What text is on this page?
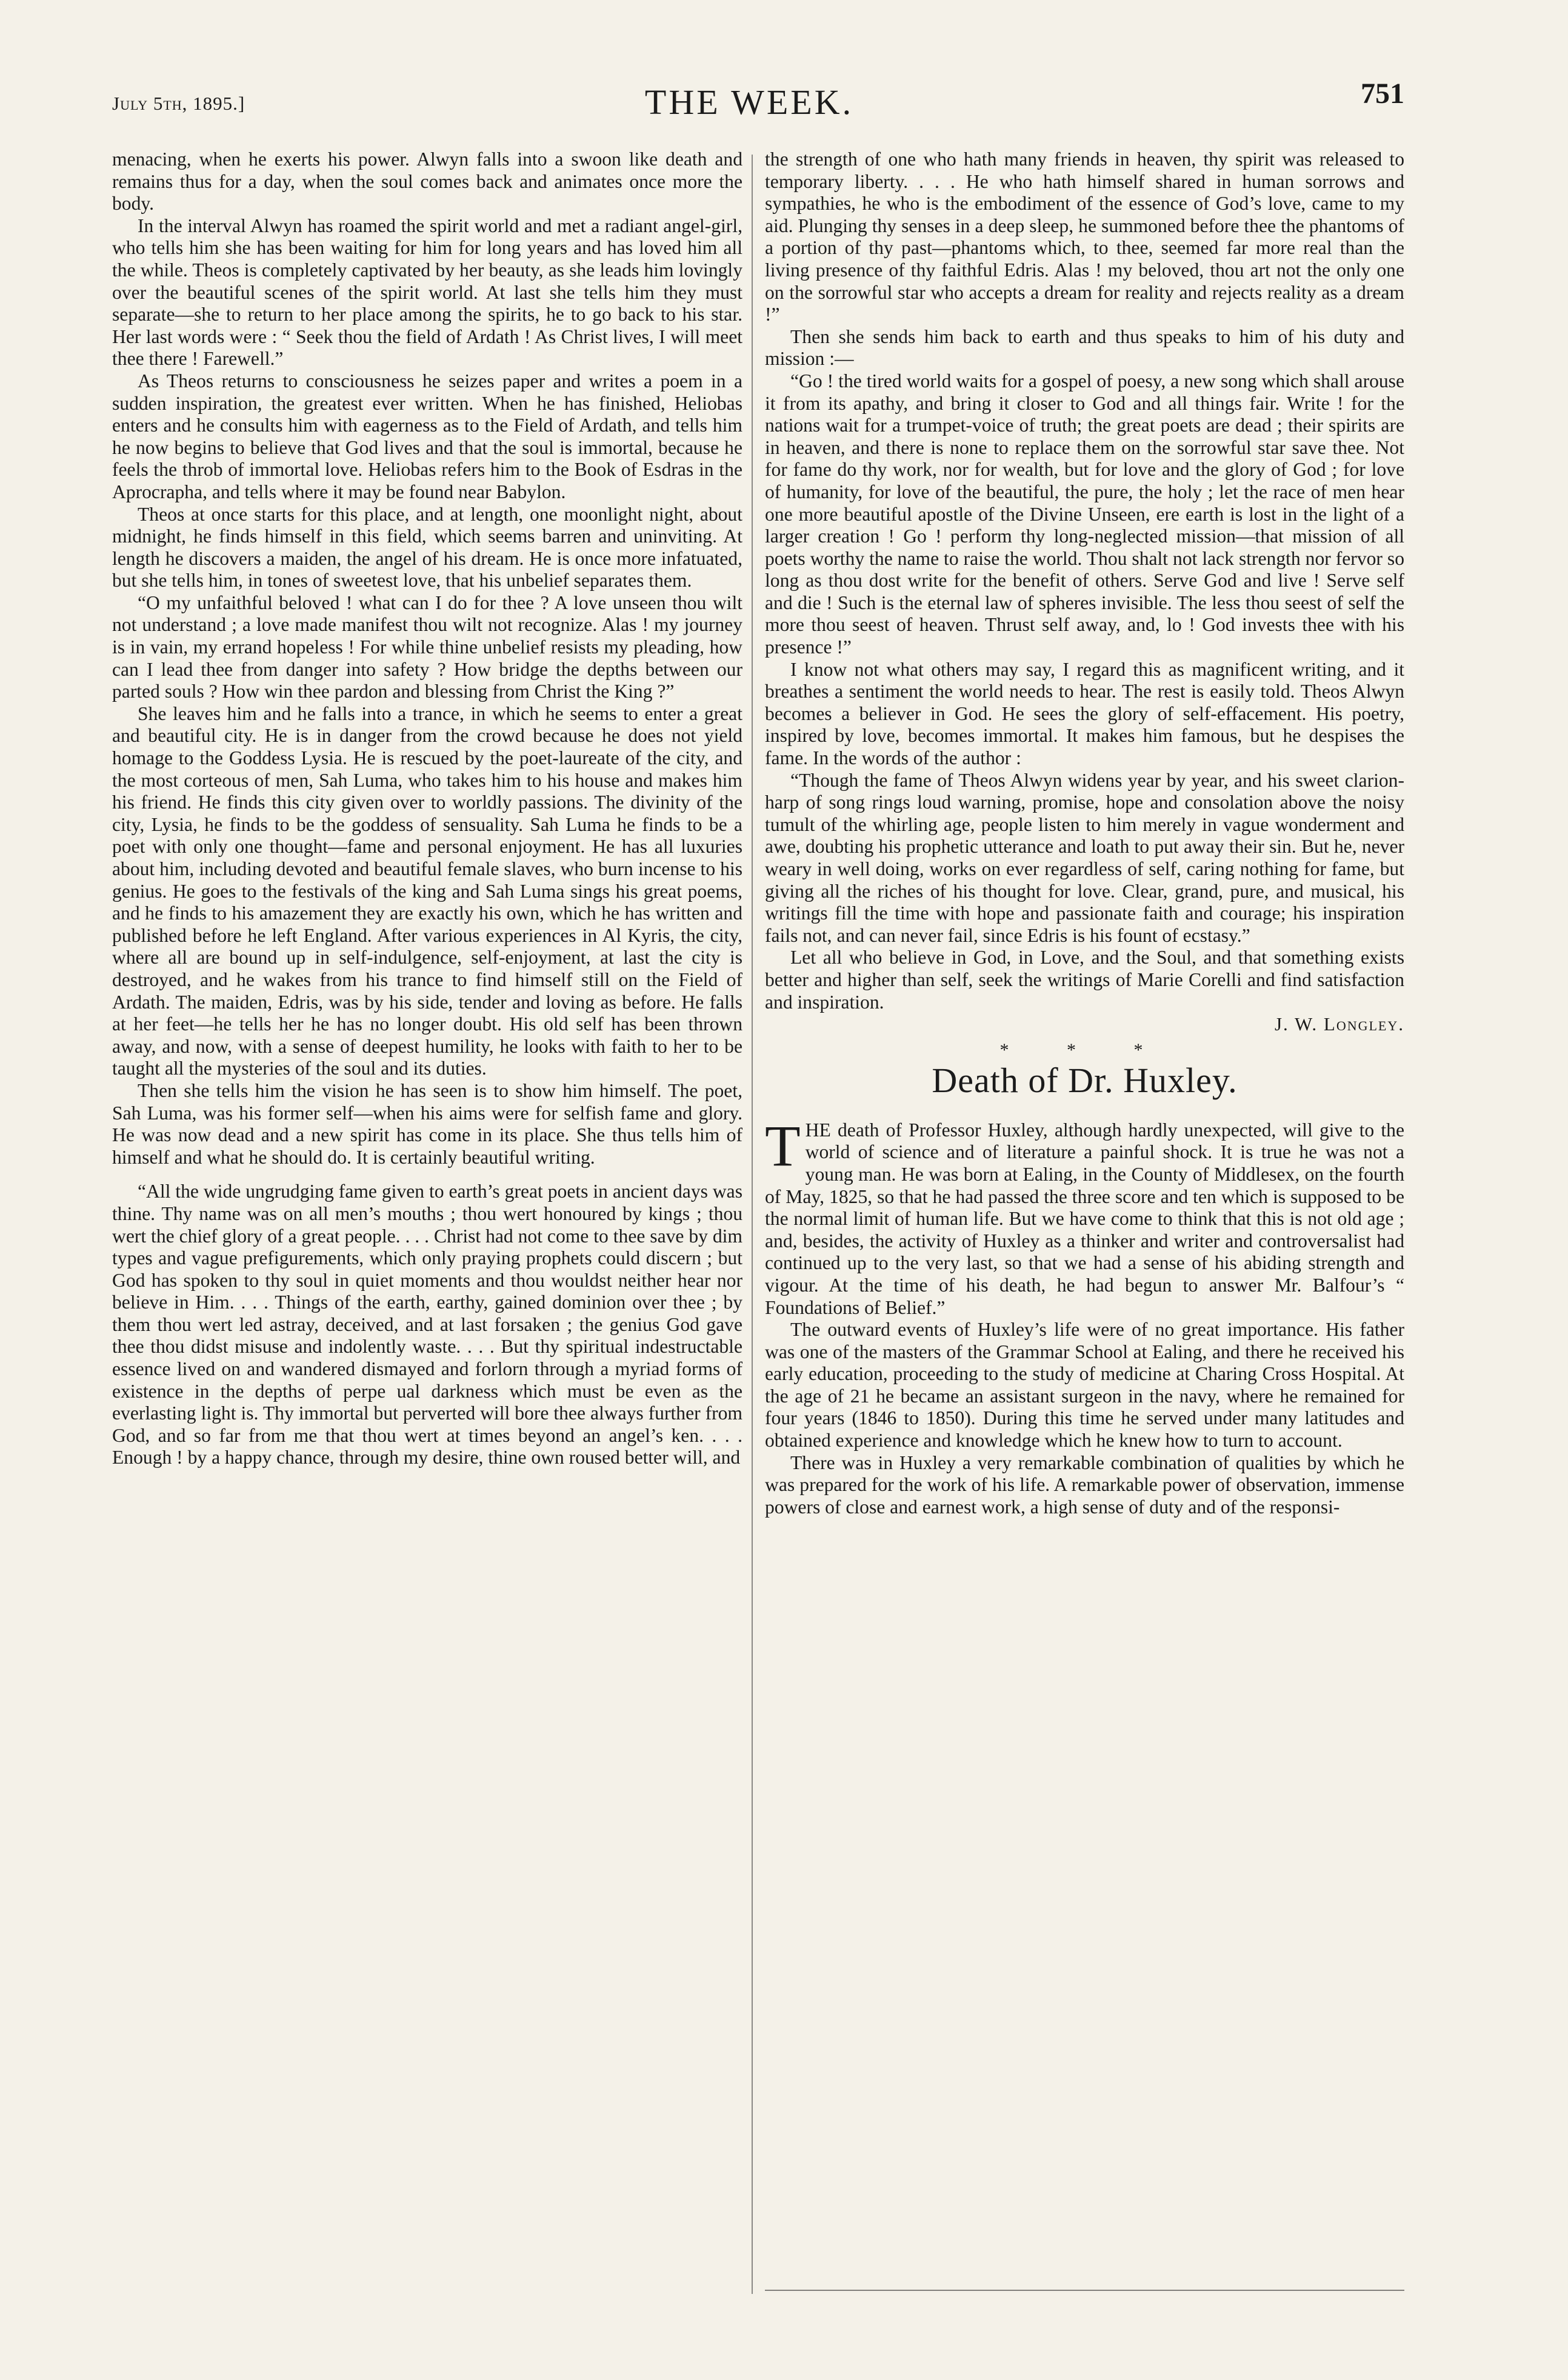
July 5th, 1895.]	THE WEEK.	751

menacing, when he exerts his power. Alwyn falls into a swoon like death and remains thus for a day, when the soul comes back and animates once more the body.

In the interval Alwyn has roamed the spirit world and met a radiant angel-girl, who tells him she has been waiting for him for long years and has loved him all the while. Theos is completely captivated by her beauty, as she leads him lovingly over the beautiful scenes of the spirit world. At last she tells him they must separate—she to return to her place among the spirits, he to go back to his star. Her last words were : “ Seek thou the field of Ardath ! As Christ lives, I will meet thee there ! Farewell.”

As Theos returns to consciousness he seizes paper and writes a poem in a sudden inspiration, the greatest ever written. When he has finished, Heliobas enters and he consults him with eagerness as to the Field of Ardath, and tells him he now begins to believe that God lives and that the soul is immortal, because he feels the throb of immortal love. Heliobas refers him to the Book of Esdras in the Aprocrapha, and tells where it may be found near Babylon.

Theos at once starts for this place, and at length, one moonlight night, about midnight, he finds himself in this field, which seems barren and uninviting. At length he discovers a maiden, the angel of his dream. He is once more infatuated, but she tells him, in tones of sweetest love, that his unbelief separates them.

“O my unfaithful beloved ! what can I do for thee ? A love unseen thou wilt not understand ; a love made manifest thou wilt not recognize. Alas ! my journey is in vain, my errand hopeless ! For while thine unbelief resists my pleading, how can I lead thee from danger into safety ? How bridge the depths between our parted souls ? How win thee pardon and blessing from Christ the King ?”

She leaves him and he falls into a trance, in which he seems to enter a great and beautiful city. He is in danger from the crowd because he does not yield homage to the Goddess Lysia. He is rescued by the poet-laureate of the city, and the most corteous of men, Sah Luma, who takes him to his house and makes him his friend. He finds this city given over to worldly passions. The divinity of the city, Lysia, he finds to be the goddess of sensuality. Sah Luma he finds to be a poet with only one thought—fame and personal enjoyment. He has all luxuries about him, including devoted and beautiful female slaves, who burn incense to his genius. He goes to the festivals of the king and Sah Luma sings his great poems, and he finds to his amazement they are exactly his own, which he has written and published before he left England. After various experiences in Al Kyris, the city, where all are bound up in self-indulgence, self-enjoyment, at last the city is destroyed, and he wakes from his trance to find himself still on the Field of Ardath. The maiden, Edris, was by his side, tender and loving as before. He falls at her feet—he tells her he has no longer doubt. His old self has been thrown away, and now, with a sense of deepest humility, he looks with faith to her to be taught all the mysteries of the soul and its duties.

Then she tells him the vision he has seen is to show him himself. The poet, Sah Luma, was his former self—when his aims were for selfish fame and glory. He was now dead and a new spirit has come in its place. She thus tells him of himself and what he should do. It is certainly beautiful writing.

“All the wide ungrudging fame given to earth’s great poets in ancient days was thine. Thy name was on all men’s mouths ; thou wert honoured by kings ; thou wert the chief glory of a great people. . . . Christ had not come to thee save by dim types and vague prefigurements, which only praying prophets could discern ; but God has spoken to thy soul in quiet moments and thou wouldst neither hear nor believe in Him. . . . Things of the earth, earthy, gained dominion over thee ; by them thou wert led astray, deceived, and at last forsaken ; the genius God gave thee thou didst misuse and indolently waste. . . . But thy spiritual indestructable essence lived on and wandered dismayed and forlorn through a myriad forms of existence in the depths of perpe ual darkness which must be even as the everlasting light is. Thy immortal but perverted will bore thee always further from God, and so far from me that thou wert at times beyond an angel’s ken. . . . Enough ! by a happy chance, through my desire, thine own roused better will, and

the strength of one who hath many friends in heaven, thy spirit was released to temporary liberty. . . . He who hath himself shared in human sorrows and sympathies, he who is the embodiment of the essence of God’s love, came to my aid. Plunging thy senses in a deep sleep, he summoned before thee the phantoms of a portion of thy past—phantoms which, to thee, seemed far more real than the living presence of thy faithful Edris. Alas ! my beloved, thou art not the only one on the sorrowful star who accepts a dream for reality and rejects reality as a dream !”

Then she sends him back to earth and thus speaks to him of his duty and mission :—

“Go ! the tired world waits for a gospel of poesy, a new song which shall arouse it from its apathy, and bring it closer to God and all things fair. Write ! for the nations wait for a trumpet-voice of truth; the great poets are dead ; their spirits are in heaven, and there is none to replace them on the sorrowful star save thee. Not for fame do thy work, nor for wealth, but for love and the glory of God ; for love of humanity, for love of the beautiful, the pure, the holy ; let the race of men hear one more beautiful apostle of the Divine Unseen, ere earth is lost in the light of a larger creation ! Go ! perform thy long-neglected mission—that mission of all poets worthy the name to raise the world. Thou shalt not lack strength nor fervor so long as thou dost write for the benefit of others. Serve God and live ! Serve self and die ! Such is the eternal law of spheres invisible. The less thou seest of self the more thou seest of heaven. Thrust self away, and, lo ! God invests thee with his presence !”

I know not what others may say, I regard this as magnificent writing, and it breathes a sentiment the world needs to hear. The rest is easily told. Theos Alwyn becomes a believer in God. He sees the glory of self-effacement. His poetry, inspired by love, becomes immortal. It makes him famous, but he despises the fame. In the words of the author :

“Though the fame of Theos Alwyn widens year by year, and his sweet clarion-harp of song rings loud warning, promise, hope and consolation above the noisy tumult of the whirling age, people listen to him merely in vague wonderment and awe, doubting his prophetic utterance and loath to put away their sin. But he, never weary in well doing, works on ever regardless of self, caring nothing for fame, but giving all the riches of his thought for love. Clear, grand, pure, and musical, his writings fill the time with hope and passionate faith and courage; his inspiration fails not, and can never fail, since Edris is his fount of ecstasy.”

Let all who believe in God, in Love, and the Soul, and that something exists better and higher than self, seek the writings of Marie Corelli and find satisfaction and inspiration.

J. W. Longley.

* * *
Death of Dr. Huxley.

THE death of Professor Huxley, although hardly unexpected, will give to the world of science and of literature a painful shock. It is true he was not a young man. He was born at Ealing, in the County of Middlesex, on the fourth of May, 1825, so that he had passed the three score and ten which is supposed to be the normal limit of human life. But we have come to think that this is not old age ; and, besides, the activity of Huxley as a thinker and writer and controversalist had continued up to the very last, so that we had a sense of his abiding strength and vigour. At the time of his death, he had begun to answer Mr. Balfour’s “ Foundations of Belief.”

The outward events of Huxley’s life were of no great importance. His father was one of the masters of the Grammar School at Ealing, and there he received his early education, proceeding to the study of medicine at Charing Cross Hospital. At the age of 21 he became an assistant surgeon in the navy, where he remained for four years (1846 to 1850). During this time he served under many latitudes and obtained experience and knowledge which he knew how to turn to account.

There was in Huxley a very remarkable combination of qualities by which he was prepared for the work of his life. A remarkable power of observation, immense powers of close and earnest work, a high sense of duty and of the responsi-
